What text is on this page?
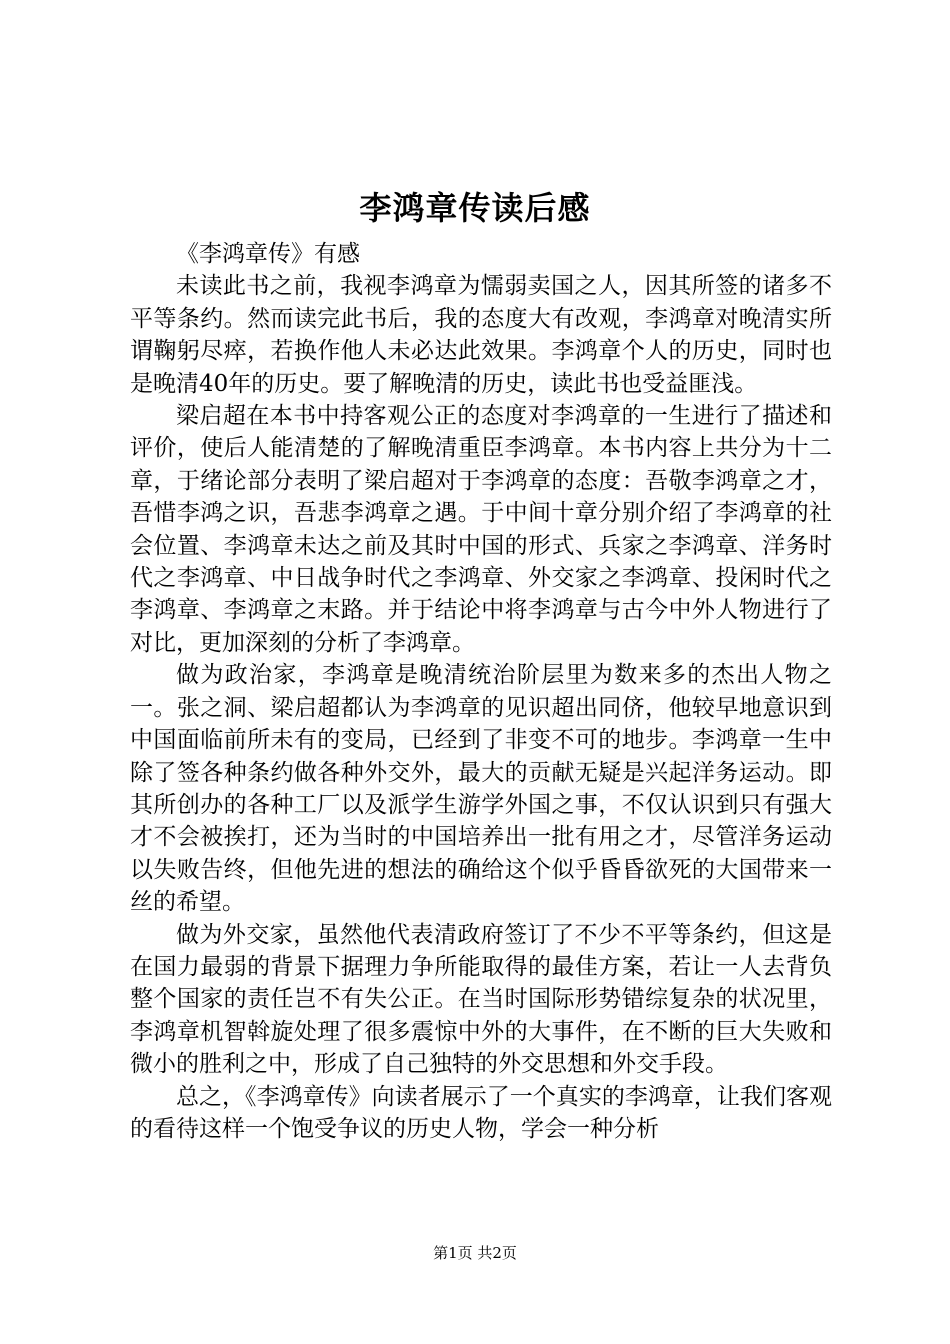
李鸿章传读后感

《李鸿章传》有感

未读此书之前，我视李鸿章为懦弱卖国之人，因其所签的诸多不平等条约。然而读完此书后，我的态度大有改观，李鸿章对晚清实所谓鞠躬尽瘁，若换作他人未必达此效果。李鸿章个人的历史，同时也是晚清40年的历史。要了解晚清的历史，读此书也受益匪浅。

梁启超在本书中持客观公正的态度对李鸿章的一生进行了描述和评价，使后人能清楚的了解晚清重臣李鸿章。本书内容上共分为十二章，于绪论部分表明了梁启超对于李鸿章的态度：吾敬李鸿章之才，吾惜李鸿之识，吾悲李鸿章之遇。于中间十章分别介绍了李鸿章的社会位置、李鸿章未达之前及其时中国的形式、兵家之李鸿章、洋务时代之李鸿章、中日战争时代之李鸿章、外交家之李鸿章、投闲时代之李鸿章、李鸿章之末路。并于结论中将李鸿章与古今中外人物进行了对比，更加深刻的分析了李鸿章。

做为政治家，李鸿章是晚清统治阶层里为数来多的杰出人物之一。张之洞、梁启超都认为李鸿章的见识超出同侪，他较早地意识到中国面临前所未有的变局，已经到了非变不可的地步。李鸿章一生中除了签各种条约做各种外交外，最大的贡献无疑是兴起洋务运动。即其所创办的各种工厂以及派学生游学外国之事，不仅认识到只有强大才不会被挨打，还为当时的中国培养出一批有用之才，尽管洋务运动以失败告终，但他先进的想法的确给这个似乎昏昏欲死的大国带来一丝的希望。

做为外交家，虽然他代表清政府签订了不少不平等条约，但这是在国力最弱的背景下据理力争所能取得的最佳方案，若让一人去背负整个国家的责任岂不有失公正。在当时国际形势错综复杂的状况里，李鸿章机智斡旋处理了很多震惊中外的大事件，在不断的巨大失败和微小的胜利之中，形成了自己独特的外交思想和外交手段。

总之，《李鸿章传》向读者展示了一个真实的李鸿章，让我们客观的看待这样一个饱受争议的历史人物，学会一种分析

第1页 共2页
